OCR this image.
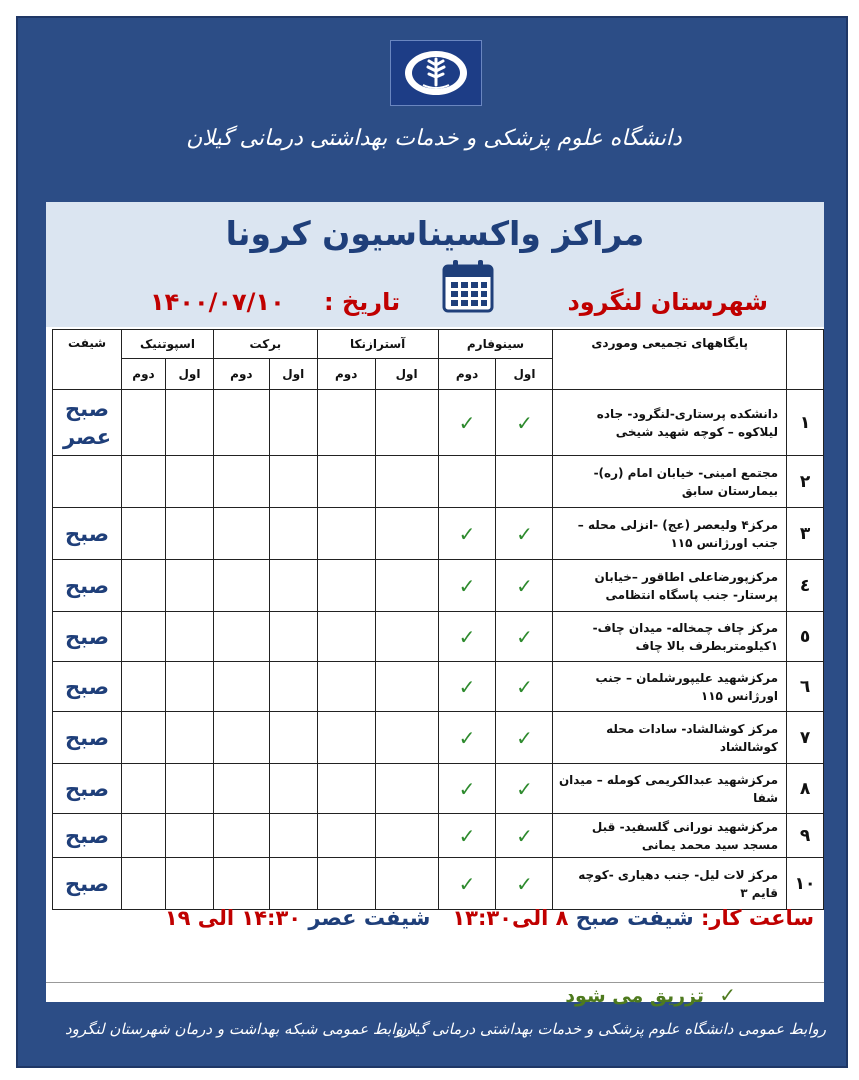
دانشگاه علوم پزشکی و خدمات بهداشتی درمانی گیلان
مراکز واکسیناسیون کرونا
شهرستان لنگرود
تاریخ :
۱۴۰۰/۰۷/۱۰
	پایگاههای تجمیعی وموردی	سینوفارم		آسترازنکا		برکت		اسپوتنیک		شیفت
		اول	دوم	اول	دوم	اول	دوم	اول	دوم	
۱	دانشکده پرستاری-لنگرود- جاده لیلاکوه – کوچه شهید شیخی	✓	✓							صبح عصر
۲	مجتمع امینی- خیابان امام (ره)- بیمارستان سابق									
۳	مرکز۴ ولیعصر (عج) -انزلی محله – جنب اورژانس ۱۱۵	✓	✓							صبح
٤	مرکزپورضاعلی اطاقور –خیابان پرستار- جنب پاسگاه انتظامی	✓	✓							صبح
٥	مرکز چاف چمخاله- میدان چاف- ۱کیلومتربطرف بالا چاف	✓	✓							صبح
٦	مرکزشهید علیپورشلمان – جنب اورژانس ۱۱۵	✓	✓							صبح
۷	مرکز کوشالشاد- سادات محله کوشالشاد	✓	✓							صبح
۸	مرکزشهید عبدالکریمی کومله – میدان شفا	✓	✓							صبح
۹	مرکزشهید نورانی گلسفید- قبل مسجد سید محمد یمانی	✓	✓							صبح
۱۰	مرکز لات لیل- جنب دهیاری -کوچه قایم ۳	✓	✓							صبح
ساعت کار: شیفت صبح ۸ الی۱۳:۳۰   شیفت عصر ۱۴:۳۰ الی ۱۹
✓
تزریق می شود
روابط عمومی دانشگاه علوم پزشکی و خدمات بهداشتی درمانی گیلان
روابط عمومی شبکه بهداشت و درمان شهرستان لنگرود
